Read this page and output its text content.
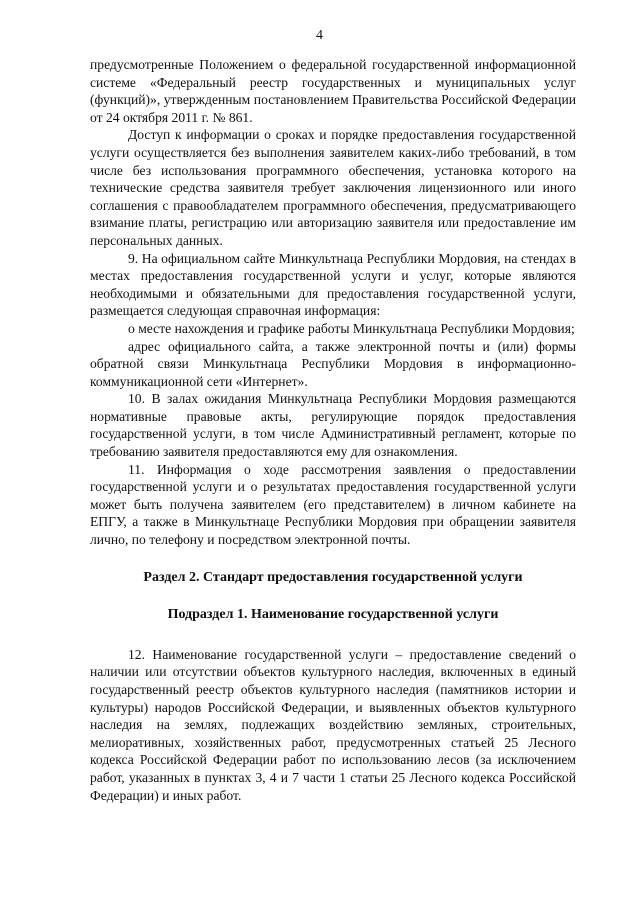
4

предусмотренные Положением о федеральной государственной информационной системе «Федеральный реестр государственных и муниципальных услуг (функций)», утвержденным постановлением Правительства Российской Федерации от 24 октября 2011 г. № 861.

Доступ к информации о сроках и порядке предоставления государственной услуги осуществляется без выполнения заявителем каких-либо требований, в том числе без использования программного обеспечения, установка которого на технические средства заявителя требует заключения лицензионного или иного соглашения с правообладателем программного обеспечения, предусматривающего взимание платы, регистрацию или авторизацию заявителя или предоставление им персональных данных.

9. На официальном сайте Минкультнаца Республики Мордовия, на стендах в местах предоставления государственной услуги и услуг, которые являются необходимыми и обязательными для предоставления государственной услуги, размещается следующая справочная информация:

о месте нахождения и графике работы Минкультнаца Республики Мордовия;

адрес официального сайта, а также электронной почты и (или) формы обратной связи Минкультнаца Республики Мордовия в информационно-коммуникационной сети «Интернет».

10. В залах ожидания Минкультнаца Республики Мордовия размещаются нормативные правовые акты, регулирующие порядок предоставления государственной услуги, в том числе Административный регламент, которые по требованию заявителя предоставляются ему для ознакомления.

11. Информация о ходе рассмотрения заявления о предоставлении государственной услуги и о результатах предоставления государственной услуги может быть получена заявителем (его представителем) в личном кабинете на ЕПГУ, а также в Минкультнаце Республики Мордовия при обращении заявителя лично, по телефону и посредством электронной почты.

Раздел 2. Стандарт предоставления государственной услуги

Подраздел 1. Наименование государственной услуги

12. Наименование государственной услуги – предоставление сведений о наличии или отсутствии объектов культурного наследия, включенных в единый государственный реестр объектов культурного наследия (памятников истории и культуры) народов Российской Федерации, и выявленных объектов культурного наследия на землях, подлежащих воздействию земляных, строительных, мелиоративных, хозяйственных работ, предусмотренных статьей 25 Лесного кодекса Российской Федерации работ по использованию лесов (за исключением работ, указанных в пунктах 3, 4 и 7 части 1 статьи 25 Лесного кодекса Российской Федерации) и иных работ.
